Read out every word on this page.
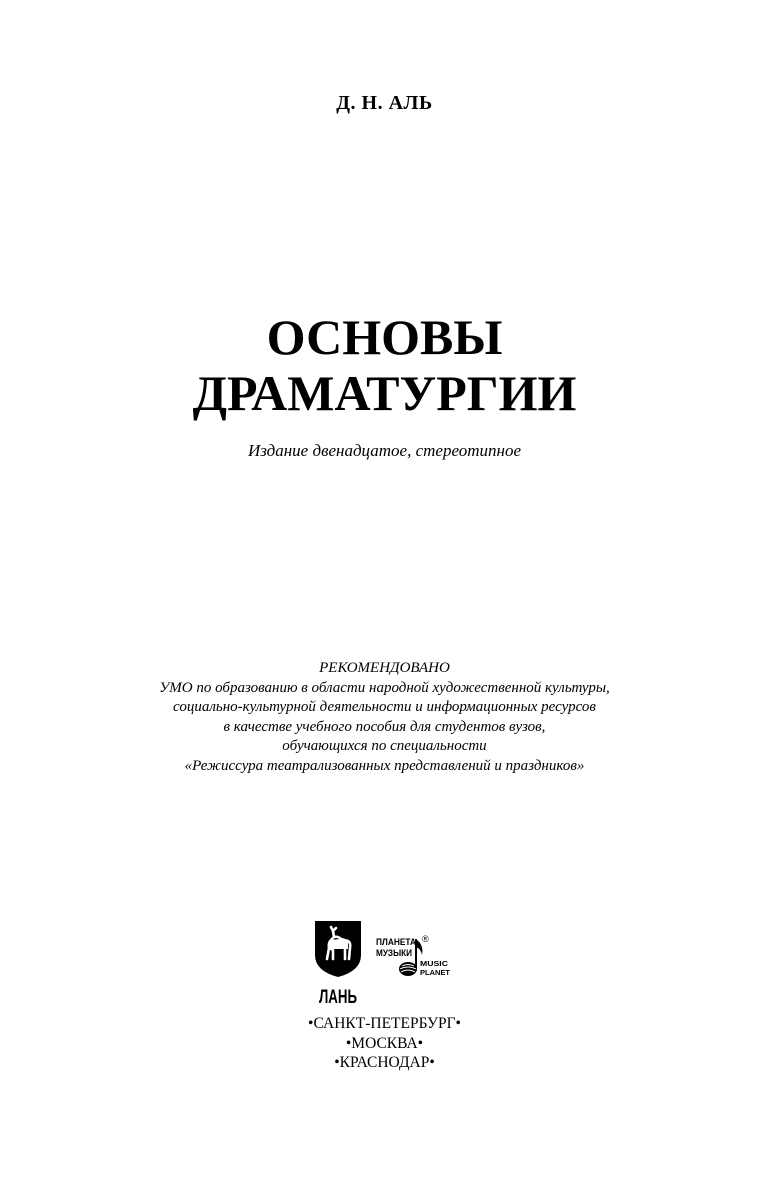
Д. Н. АЛЬ
ОСНОВЫ
ДРАМАТУРГИИ
Издание двенадцатое, стереотипное
РЕКОМЕНДОВАНО
УМО по образованию в области народной художественной культуры,
социально-культурной деятельности и информационных ресурсов
в качестве учебного пособия для студентов вузов,
обучающихся по специальности
«Режиссура театрализованных представлений и праздников»
ЛАНЬ
ПЛАНЕТА
МУЗЫКИ
®
MUSIC
PLANET
•САНКТ-ПЕТЕРБУРГ•
•МОСКВА•
•КРАСНОДАР•
